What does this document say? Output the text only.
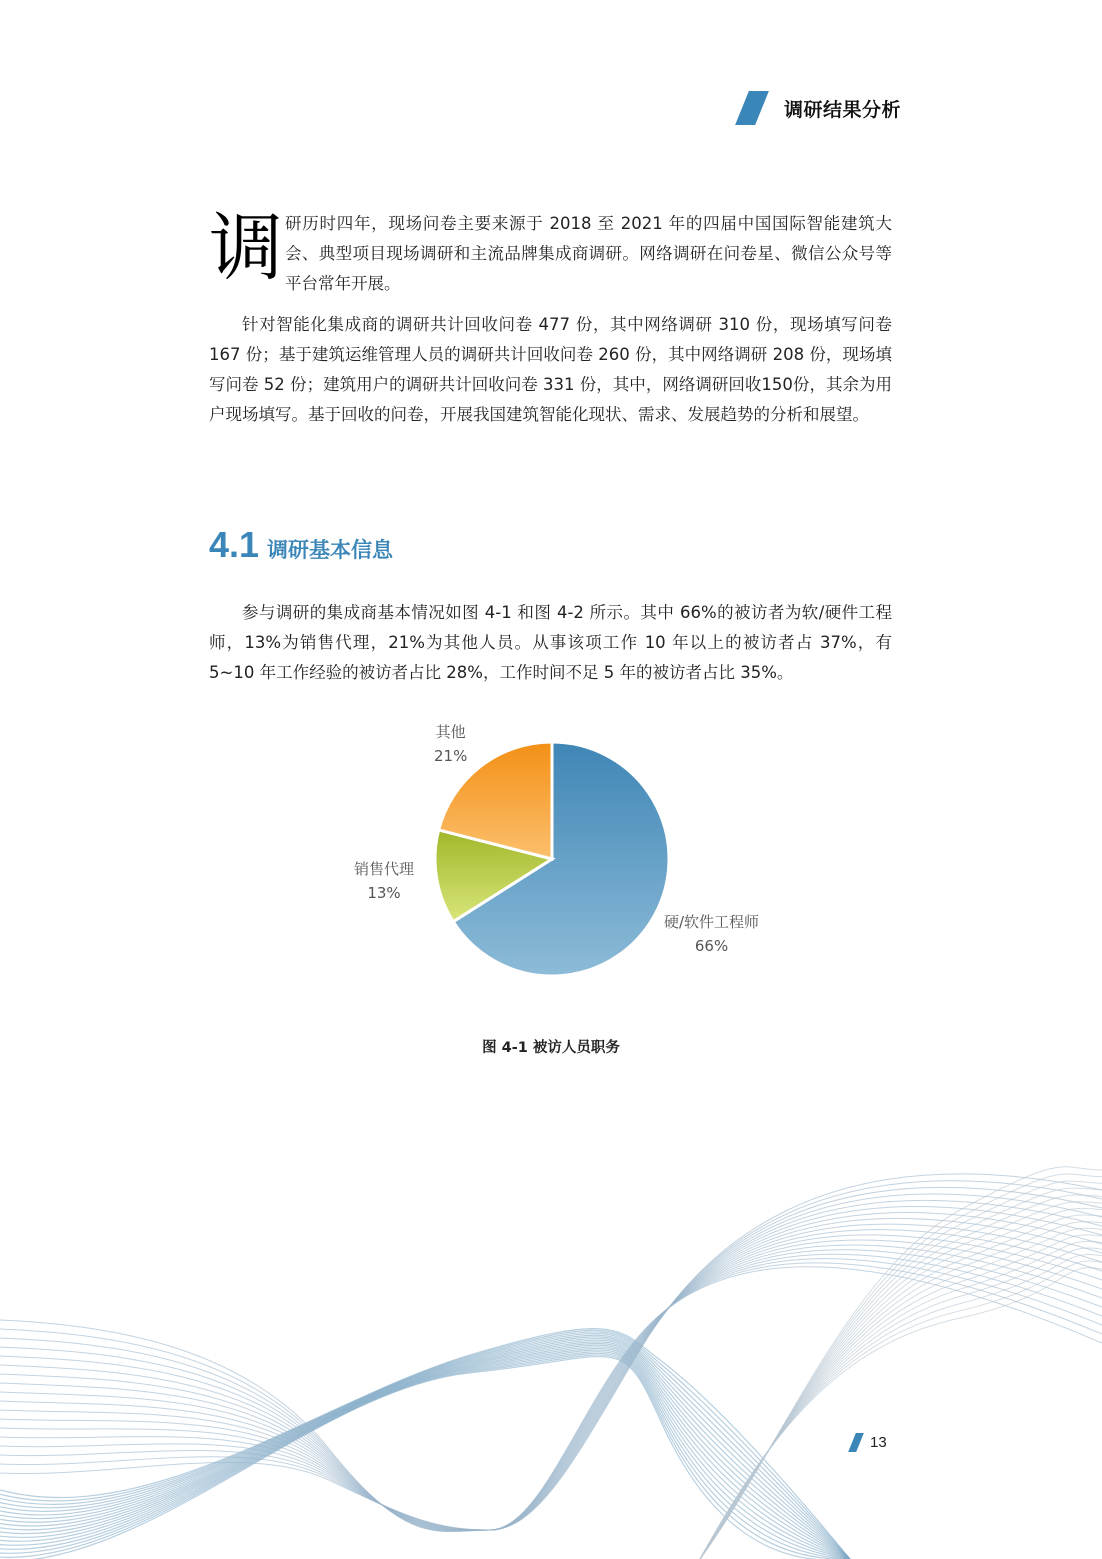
调研结果分析
调 研历时四年，现场问卷主要来源于 2018 至 2021 年的四届中国国际智能建筑大会、典型项目现场调研和主流品牌集成商调研。网络调研在问卷星、微信公众号等平台常年开展。
针对智能化集成商的调研共计回收问卷 477 份，其中网络调研 310 份，现场填写问卷 167 份；基于建筑运维管理人员的调研共计回收问卷 260 份，其中网络调研 208 份，现场填写问卷 52 份；建筑用户的调研共计回收问卷 331 份，其中，网络调研回收150份，其余为用户现场填写。基于回收的问卷，开展我国建筑智能化现状、需求、发展趋势的分析和展望。
4.1 调研基本信息
参与调研的集成商基本情况如图 4-1 和图 4-2 所示。其中 66%的被访者为软/硬件工程师，13%为销售代理，21%为其他人员。从事该项工作 10 年以上的被访者占 37%，有 5~10 年工作经验的被访者占比 28%，工作时间不足 5 年的被访者占比 35%。
其他
21%
销售代理
13%
硬/软件工程师
66%
图 4-1 被访人员职务
13
